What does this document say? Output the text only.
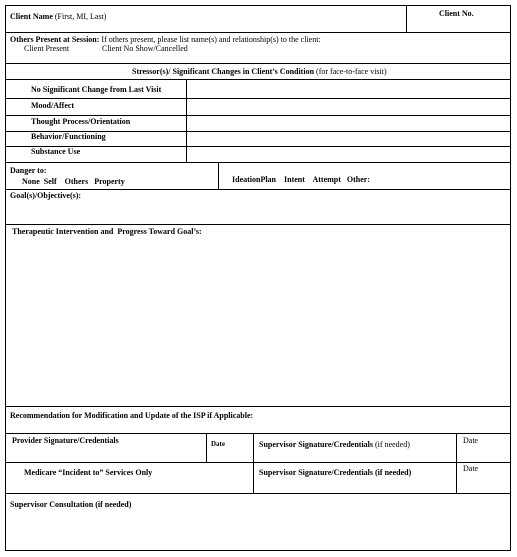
Client Name (First, MI, Last)	Client No.
Others Present at Session: If others present, please list name(s) and relationship(s) to the client:
Client Present	Client No Show/Cancelled
Stressor(s)/ Significant Changes in Client’s Condition (for face-to-face visit)
No Significant Change from Last Visit
Mood/Affect
Thought Process/Orientation
Behavior/Functioning
Substance Use
Danger to:
None  Self    Others   Property	IdeationPlan    Intent    Attempt   Other:
Goal(s)/Objective(s):
Therapeutic Intervention and  Progress Toward Goal’s:
Recommendation for Modification and Update of the ISP if Applicable:
Provider Signature/Credentials	Date	Supervisor Signature/Credentials (if needed)	Date
Medicare “Incident to” Services Only	Supervisor Signature/Credentials (if needed)	Date
Supervisor Consultation (if needed)
